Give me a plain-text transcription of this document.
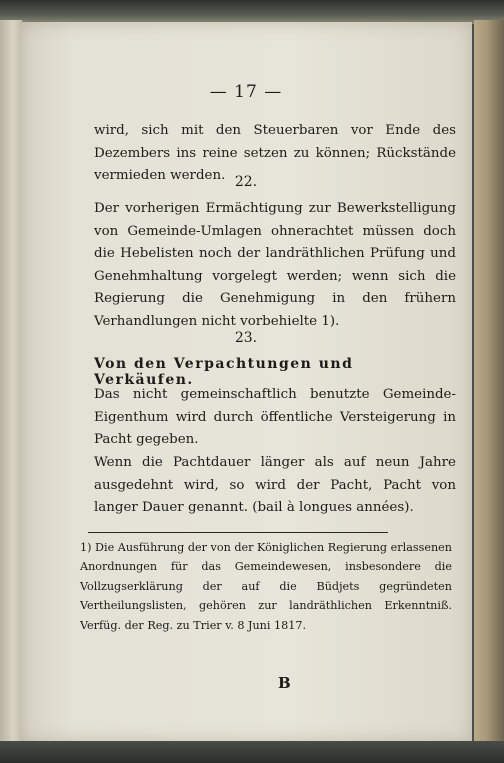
— 17 —
wird, sich mit den Steuerbaren vor Ende des Dezembers ins reine setzen zu können; Rückstände vermieden werden. 22.
Der vorherigen Ermächtigung zur Bewerkstelligung von Gemeinde-Umlagen ohnerachtet müssen doch die Hebelisten noch der landräthlichen Prüfung und Genehmhaltung vorgelegt werden; wenn sich die Regierung die Genehmigung in den frühern Verhandlungen nicht vorbehielte 1).
23.
Von den Verpachtungen und Verkäufen.
Das nicht gemeinschaftlich benutzte Gemeinde-Eigenthum wird durch öffentliche Versteigerung in Pacht gegeben.
Wenn die Pachtdauer länger als auf neun Jahre ausgedehnt wird, so wird der Pacht, Pacht von langer Dauer genannt. (bail à longues années).
1) Die Ausführung der von der Königlichen Regierung erlassenen Anordnungen für das Gemeindewesen, insbesondere die Vollzugserklärung der auf die Büdjets gegründeten Vertheilungslisten, gehören zur landräthlichen Erkenntniß. Verfüg. der Reg. zu Trier v. 8 Juni 1817.
B
